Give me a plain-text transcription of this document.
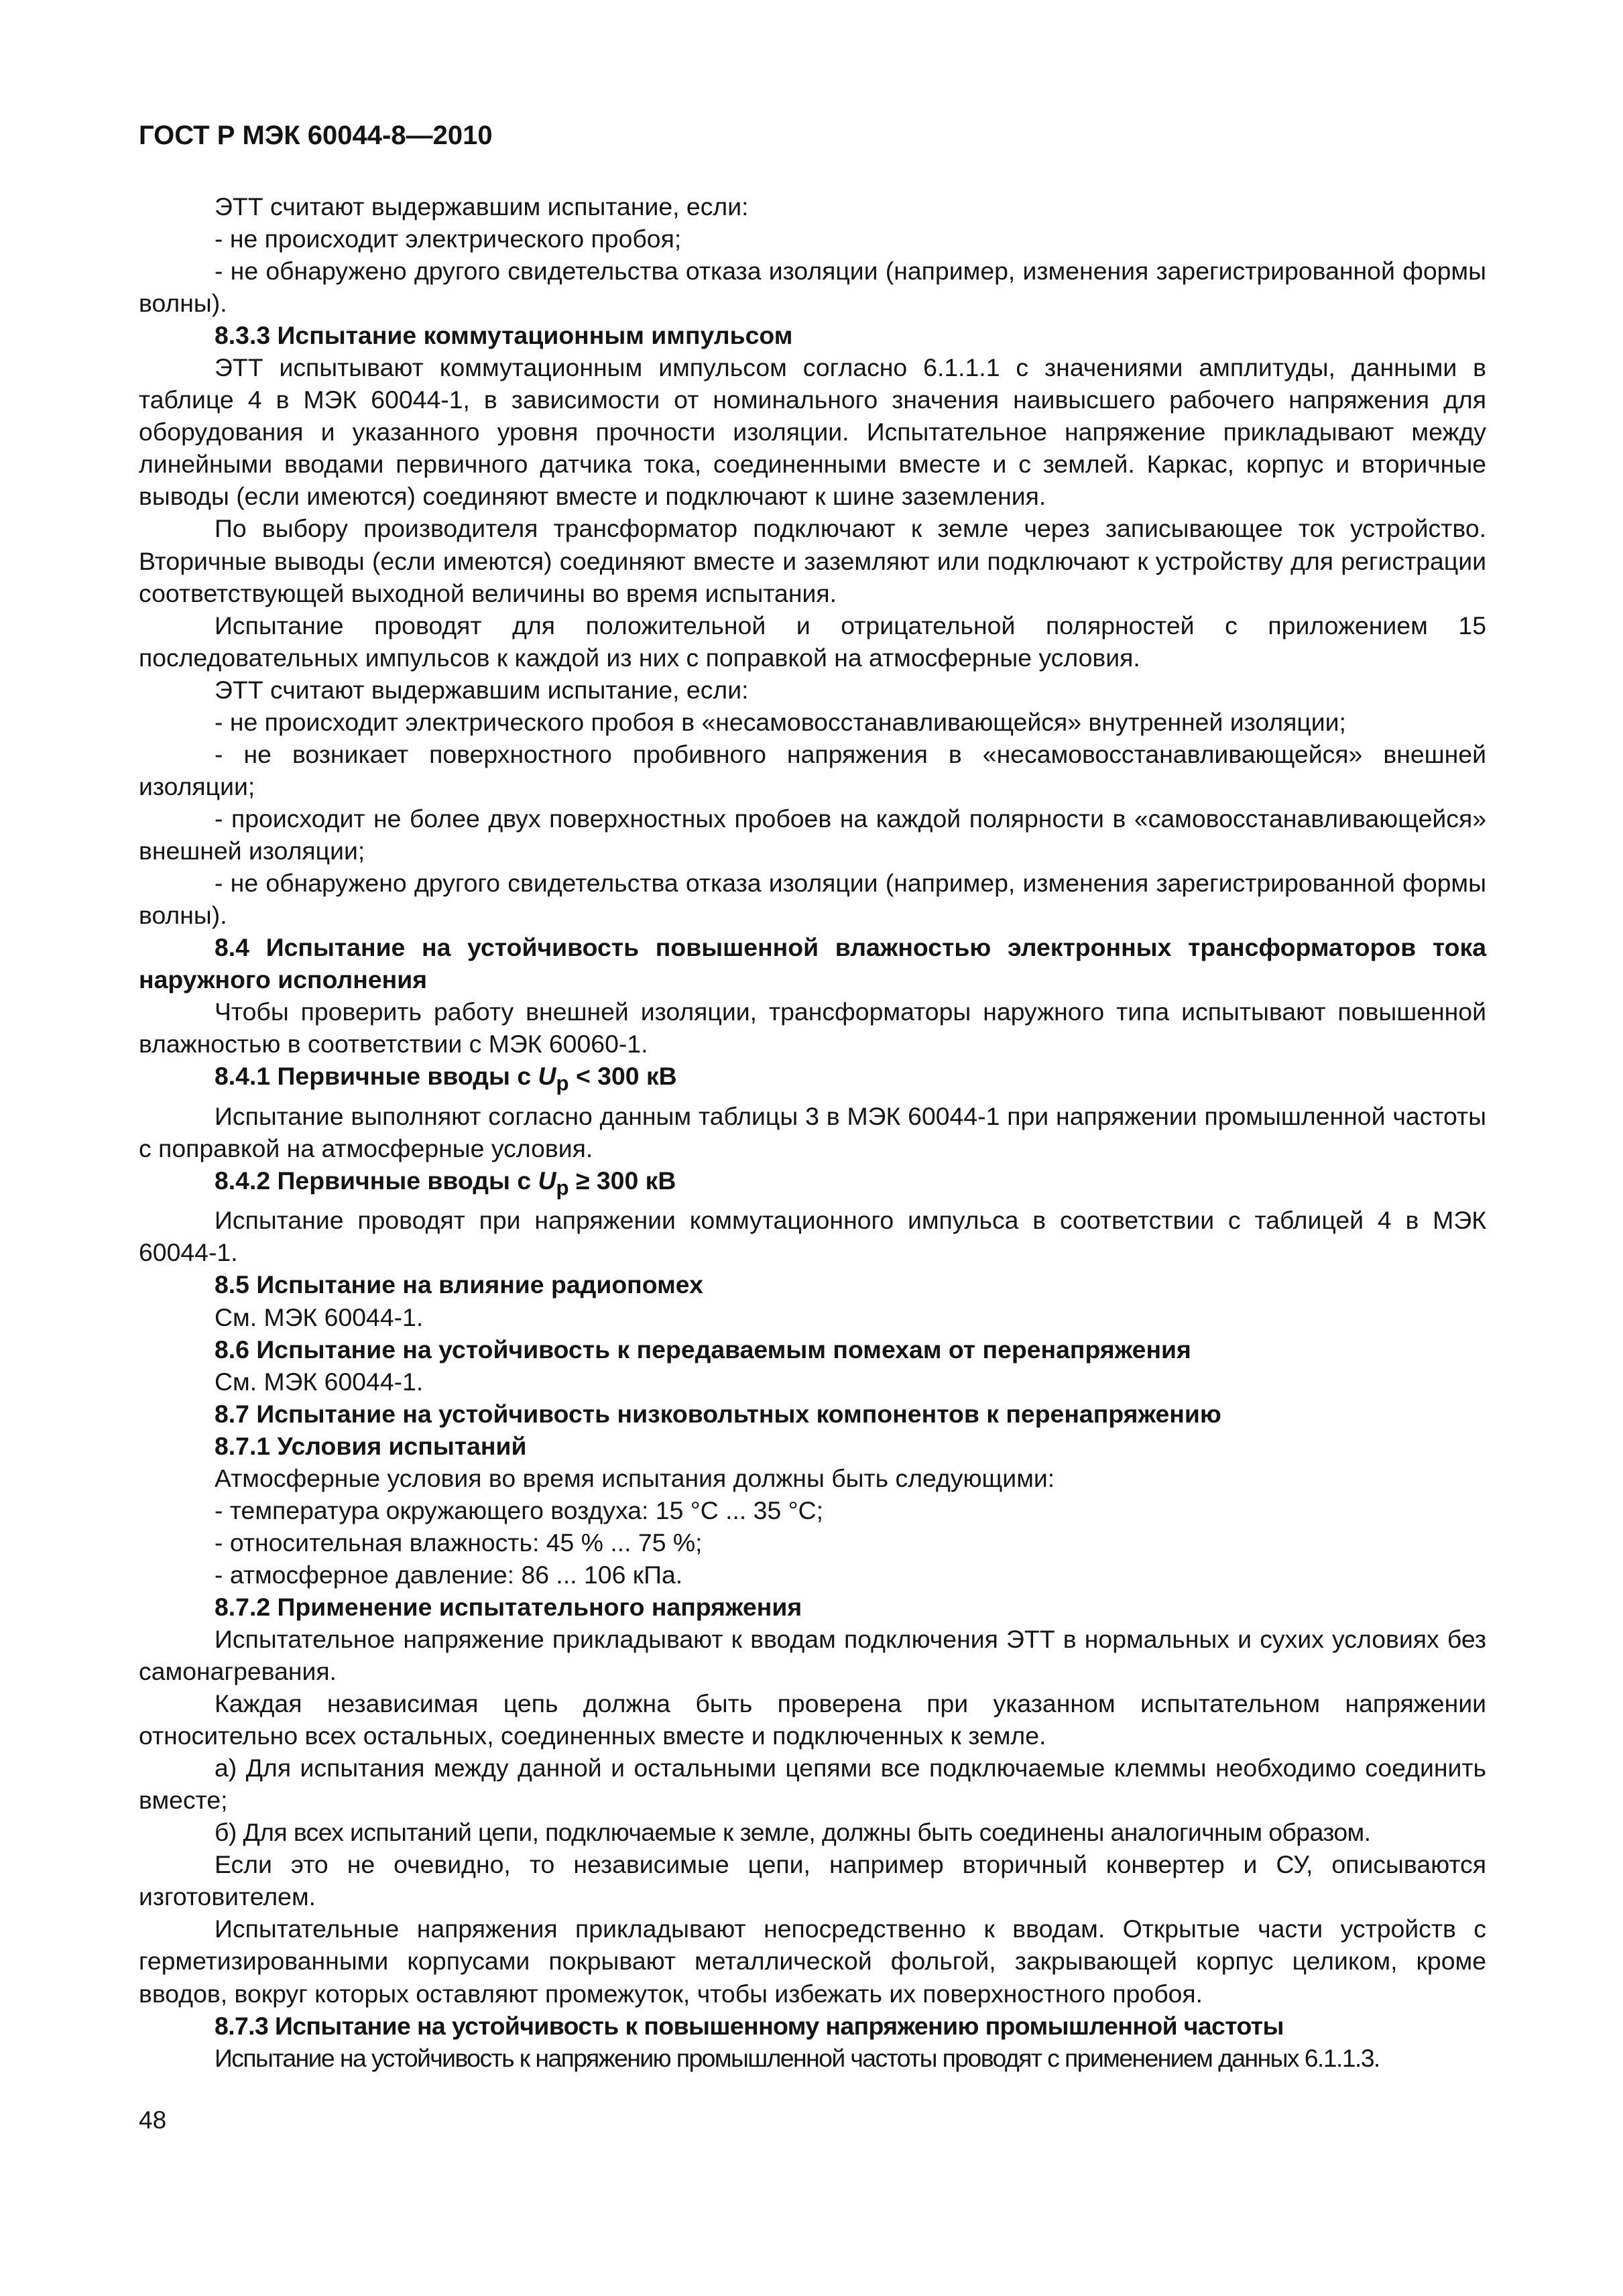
ГОСТ Р МЭК 60044-8—2010

ЭТТ считают выдержавшим испытание, если:

- не происходит электрического пробоя;

- не обнаружено другого свидетельства отказа изоляции (например, изменения зарегистрированной формы волны).

8.3.3 Испытание коммутационным импульсом

ЭТТ испытывают коммутационным импульсом согласно 6.1.1.1 с значениями амплитуды, данными в таблице 4 в МЭК 60044-1, в зависимости от номинального значения наивысшего рабочего напряжения для оборудования и указанного уровня прочности изоляции. Испытательное напряжение прикладывают между линейными вводами первичного датчика тока, соединенными вместе и с землей. Каркас, корпус и вторичные выводы (если имеются) соединяют вместе и подключают к шине заземления.

По выбору производителя трансформатор подключают к земле через записывающее ток устройство. Вторичные выводы (если имеются) соединяют вместе и заземляют или подключают к устройству для регистрации соответствующей выходной величины во время испытания.

Испытание проводят для положительной и отрицательной полярностей с приложением 15 последовательных импульсов к каждой из них с поправкой на атмосферные условия.

ЭТТ считают выдержавшим испытание, если:

- не происходит электрического пробоя в «несамовосстанавливающейся» внутренней изоляции;

- не возникает поверхностного пробивного напряжения в «несамовосстанавливающейся» внешней изоляции;

- происходит не более двух поверхностных пробоев на каждой полярности в «самовосстанавливающейся» внешней изоляции;

- не обнаружено другого свидетельства отказа изоляции (например, изменения зарегистрированной формы волны).

8.4 Испытание на устойчивость повышенной влажностью электронных трансформаторов тока наружного исполнения

Чтобы проверить работу внешней изоляции, трансформаторы наружного типа испытывают повышенной влажностью в соответствии с МЭК 60060-1.

8.4.1 Первичные вводы с $U_p < 300$ кВ

Испытание выполняют согласно данным таблицы 3 в МЭК 60044-1 при напряжении промышленной частоты с поправкой на атмосферные условия.

8.4.2 Первичные вводы с $U_p \ge 300$ кВ

Испытание проводят при напряжении коммутационного импульса в соответствии с таблицей 4 в МЭК 60044-1.

8.5 Испытание на влияние радиопомех

См. МЭК 60044-1.

8.6 Испытание на устойчивость к передаваемым помехам от перенапряжения

См. МЭК 60044-1.

8.7 Испытание на устойчивость низковольтных компонентов к перенапряжению

8.7.1 Условия испытаний

Атмосферные условия во время испытания должны быть следующими:

- температура окружающего воздуха: 15 °С ... 35 °С;

- относительная влажность: 45 % ... 75 %;

- атмосферное давление: 86 ... 106 кПа.

8.7.2 Применение испытательного напряжения

Испытательное напряжение прикладывают к вводам подключения ЭТТ в нормальных и сухих условиях без самонагревания.

Каждая независимая цепь должна быть проверена при указанном испытательном напряжении относительно всех остальных, соединенных вместе и подключенных к земле.

а) Для испытания между данной и остальными цепями все подключаемые клеммы необходимо соединить вместе;

б) Для всех испытаний цепи, подключаемые к земле, должны быть соединены аналогичным образом.

Если это не очевидно, то независимые цепи, например вторичный конвертер и СУ, описываются изготовителем.

Испытательные напряжения прикладывают непосредственно к вводам. Открытые части устройств с герметизированными корпусами покрывают металлической фольгой, закрывающей корпус целиком, кроме вводов, вокруг которых оставляют промежуток, чтобы избежать их поверхностного пробоя.

8.7.3 Испытание на устойчивость к повышенному напряжению промышленной частоты

Испытание на устойчивость к напряжению промышленной частоты проводят с применением данных 6.1.1.3.

48
